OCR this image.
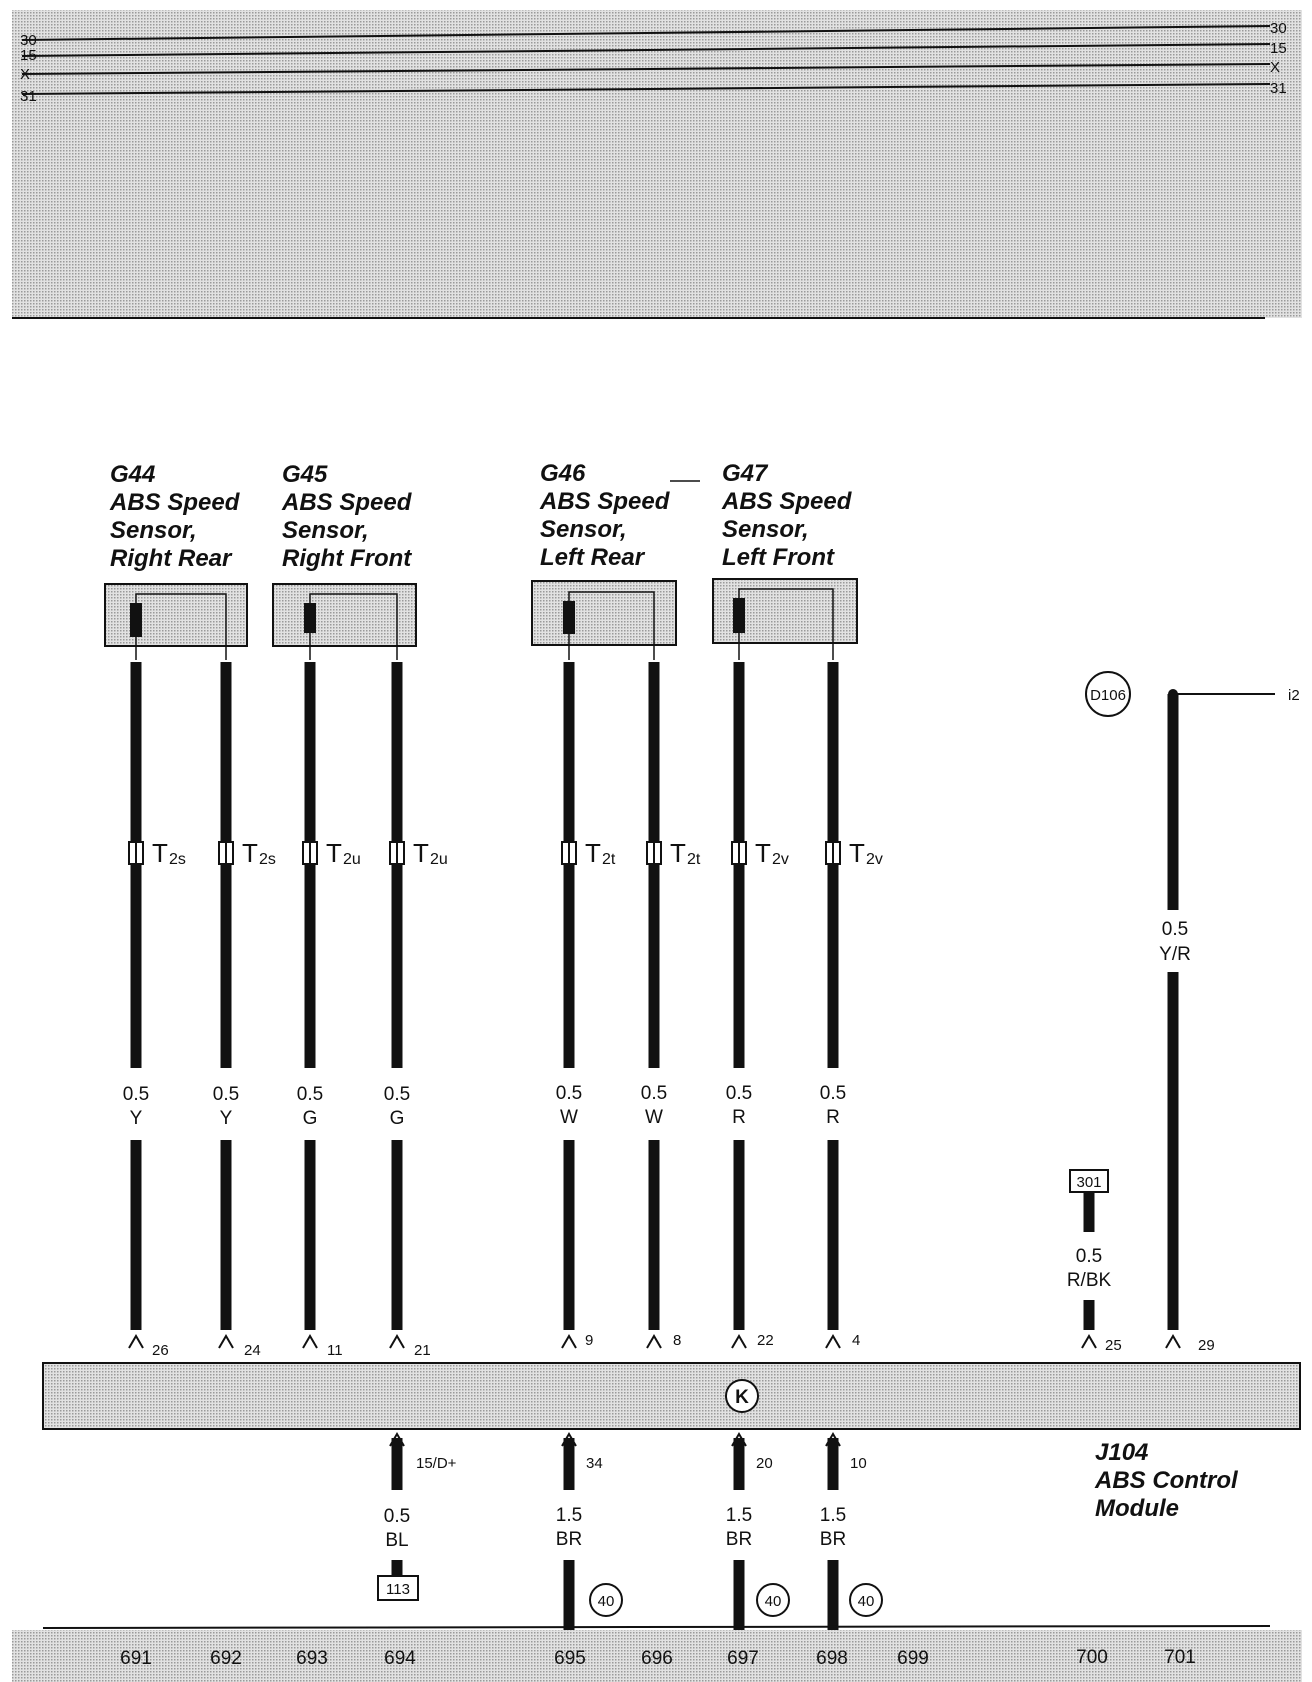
30
30
15	15
X	X
31	31
G44
ABS Speed
Sensor,
Right Rear
G45
ABS Speed
Sensor,
Right Front
G46
ABS Speed
Sensor,
Left Rear
G47
ABS Speed
Sensor,
Left Front
T 2s T 2s T 2u T 2u	T 2t T 2t T 2v T 2v
0.5
Y
0.5
Y
0.5
G
0.5
G
0.5
W
0.5
W
0.5
R
0.5
R
26	24	11	21
9	8	22	4
D106	i2
0.5
Y/R
29
301
0.5
R/BK
25
K
J104
ABS Control
Module
15/D+
0.5
BL
113
34
1.5
BR
40
20
1.5
BR
40
10
1.5
BR
40
691	692	693	694	695	696	697	698	699	700	701
